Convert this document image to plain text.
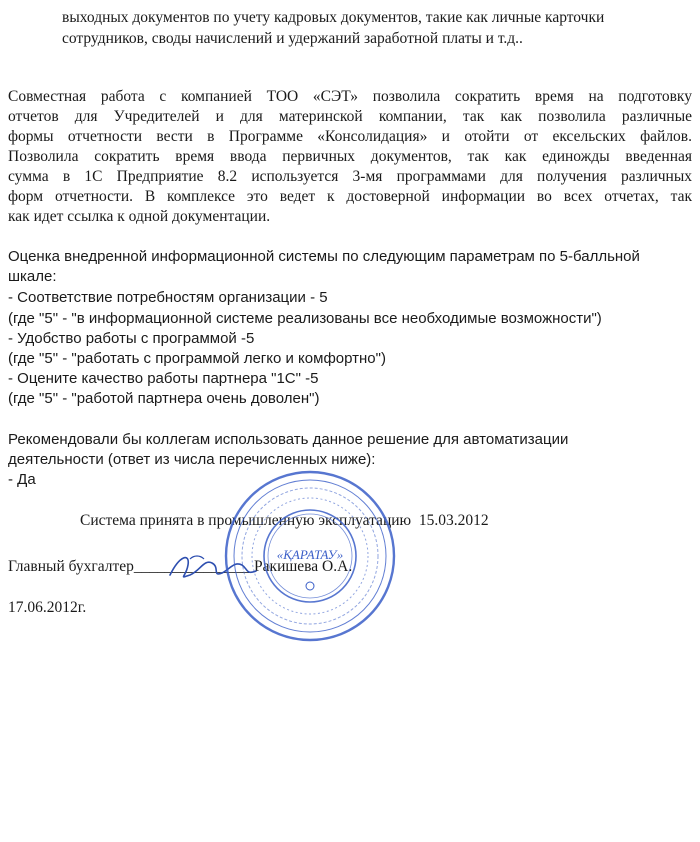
выходных документов по учету кадровых документов, такие как личные карточки
сотрудников, своды начислений и удержаний заработной платы и т.д..
Совместная работа с компанией ТОО «СЭТ» позволила сократить время на подготовку
отчетов для Учредителей и для материнской компании, так как позволила различные
формы отчетности вести в Программе «Консолидация» и отойти от ексельских файлов.
Позволила сократить время ввода первичных документов, так как единожды введенная
сумма в 1С Предприятие 8.2 используется 3-мя программами для получения различных
форм отчетности. В комплексе это ведет к достоверной информации во всех отчетах, так
как идет ссылка к одной документации.
Оценка внедренной информационной системы по следующим параметрам по 5-балльной
шкале:
- Соответствие потребностям организации - 5
(где "5" - "в информационной системе реализованы все необходимые возможности")
- Удобство работы с программой -5
(где "5" - "работать с программой легко и комфортно")
- Оцените качество работы партнера "1С" -5
(где "5" - "работой партнера очень доволен")
Рекомендовали бы коллегам использовать данное решение для автоматизации
деятельности (ответ из числа перечисленных ниже):
- Да
Система принята в промышленную эксплуатацию 15.03.2012
Главный бухгалтер_______________ Ракишева О.А.
17.06.2012г.
«ҚАРАТАУ»
